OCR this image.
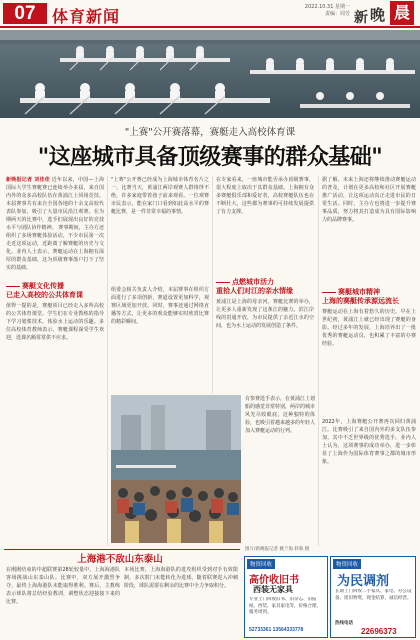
07	体育新闻	2022.10.31 星期一
责编：周芳 新 晚 晨
"上赛"公开赛落幕，赛艇走入高校体育课
"这座城市具备顶级赛事的群众基础"
新晚报记者 刘佳佳 近年以来，中国—上海国际大学生赛艇赛已连续举办多届，来自国内外的众多高校队伍在黄浦江上同场竞技。本届赛事共有来自全国各地的十余支高校代表队参加，吸引了大量市民沿江观赛。在为期两天的比赛中，选手们展现出良好的竞技水平与团队协作精神。 赛事期间，主办方还组织了多场赛艇体验活动，不少市民第一次走近这项运动，近距离了解赛艇的历史与文化。业内人士表示，赛艇运动在上海拥有深厚的群众基础，这为顶级赛事落户打下了坚实的基础。
赛艇文化传播
已走入高校的公共体育课
值得一提的是，赛艇项目已经走入多所高校的公共体育课堂。学生们在专业教练的指导下学习划桨技术，体验水上运动的乐趣。多位高校体育教师表示，赛艇课程深受学生欢迎，选课名额常常供不应求。
"上赛"公开赛已经成为上海城市体育名片之一。比赛当天，黄浦江两岸观赛人群络绎不绝，许多家庭带着孩子前来观看。一位观赛市民表示，能在家门口看到如此高水平的赛艇比赛，是一件非常幸福的事情。
组委会相关负责人介绍，本届赛事在组织方面进行了多项创新，赛道设置更加科学，观赛区域更加开放。同时，赛事还通过网络直播等方式，让更多的观众能够实时欣赏比赛的精彩瞬间。
在专家看来，一座城市能否承办顶级赛事，很大程度上取决于其群众基础。上海拥有众多赛艇俱乐部和爱好者，高校赛艇队伍也在不断壮大，这些都为赛事的可持续发展提供了有力支撑。
点燃城市活力
重拾人们对江的亲水情缘
黄浦江是上海的母亲河。赛艇比赛的举办，让更多人重新发现了这条江的魅力。滨江岸线的贯通开放，为市民提供了亲近江水的空间，也为水上运动的发展创造了条件。
有参赛选手表示，在黄浦江上划船的感觉非常特别，两岸的城市风光尽收眼底。这种独特的体验，也吸引着越来越多的年轻人加入赛艇运动的行列。
据了解，未来上海还将继续推动赛艇运动的普及，计划在更多高校和社区开展赛艇推广活动，让这项运动真正走进市民的日常生活。同时，主办方也将进一步提升赛事品质，努力将其打造成为具有国际影响力的品牌赛事。
赛艇城市精神
上海的赛艇传承源远流长
赛艇运动在上海有着悠久的历史。早在上世纪初，黄浦江上就已经出现了赛艇的身影。经过多年的发展，上海培养出了一批优秀的赛艇运动员，也积累了丰富的办赛经验。
2022年，上海赛艇公开赛再次回归黄浦江。比赛吸引了来自国内外的多支队伍参加，其中不乏世界级的优秀选手。业内人士认为，这项赛事的成功举办，进一步彰显了上海作为国际体育赛事之都的城市形象。
图片/新晚报记者 姚兰海 转载 摄
上海港不敌山东泰山
在刚刚结束的中超联赛第28轮较量中，上海海港队客场挑战山东泰山队。比赛中，双方展开激烈争夺，最终上海海港队未能取得胜利。赛后，主教练表示球队将总结经验教训，调整状态迎接接下来的比赛。
本场比赛，上海海港队的进攻组织受到对手有效限制，多次射门未能转化为进球。随着联赛进入冲刺阶段，球队需要在剩余的比赛中全力争取积分。
物资回收
高价收旧书
西装无家具
专业上门回收旧书、旧杂志、旧报纸、西装、家具家电等，价格合理，服务周到。
52733361 13564333778
物资回收
为民调剂
长期上门回收二手家具、家电、办公设备、废旧物资，现金结算，诚信经营。
热线电话
22696373
